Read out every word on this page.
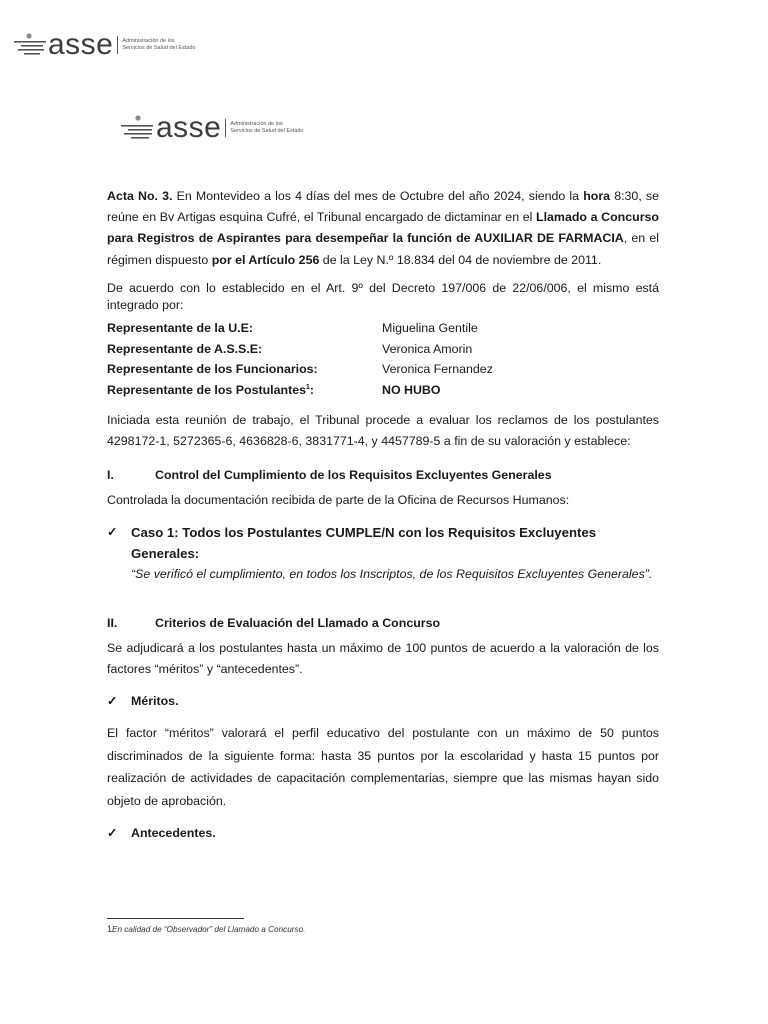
asse Administración de los
Servicios de Salud del Estado
asse Administración de los
Servicios de Salud del Estado

Acta No. 3. En Montevideo a los 4 días del mes de Octubre del año 2024, siendo la hora 8:30, se reúne en Bv Artigas esquina Cufré, el Tribunal encargado de dictaminar en el Llamado a Concurso para Registros de Aspirantes para desempeñar la función de AUXILIAR DE FARMACIA, en el régimen dispuesto por el Artículo 256 de la Ley N.º 18.834 del 04 de noviembre de 2011.

De acuerdo con lo establecido en el Art. 9º del Decreto 197/006 de 22/06/006, el mismo está integrado por:

Representante de la U.E:	Miguelina Gentile
Representante de A.S.S.E:	Veronica Amorin
Representante de los Funcionarios:	Veronica Fernandez
Representante de los Postulantes$^1$:	NO HUBO

Iniciada esta reunión de trabajo, el Tribunal procede a evaluar los reclamos de los postulantes 4298172-1, 5272365-6, 4636828-6, 3831771-4, y 4457789-5 a fin de su valoración y establece:

I.	Control del Cumplimiento de los Requisitos Excluyentes Generales

Controlada la documentación recibida de parte de la Oficina de Recursos Humanos:

✓	Caso 1: Todos los Postulantes CUMPLE/N con los Requisitos Excluyentes Generales:
“Se verificó el cumplimiento, en todos los Inscriptos, de los Requisitos Excluyentes Generales”.
II.	Criterios de Evaluación del Llamado a Concurso

Se adjudicará a los postulantes hasta un máximo de 100 puntos de acuerdo a la valoración de los factores “méritos” y “antecedentes”.

✓	Méritos.

El factor “méritos” valorará el perfil educativo del postulante con un máximo de 50 puntos discriminados de la siguiente forma: hasta 35 puntos por la escolaridad y hasta 15 puntos por realización de actividades de capacitación complementarias, siempre que las mismas hayan sido objeto de aprobación.

✓	Antecedentes.
1En calidad de “Observador” del Llamado a Concurso.
